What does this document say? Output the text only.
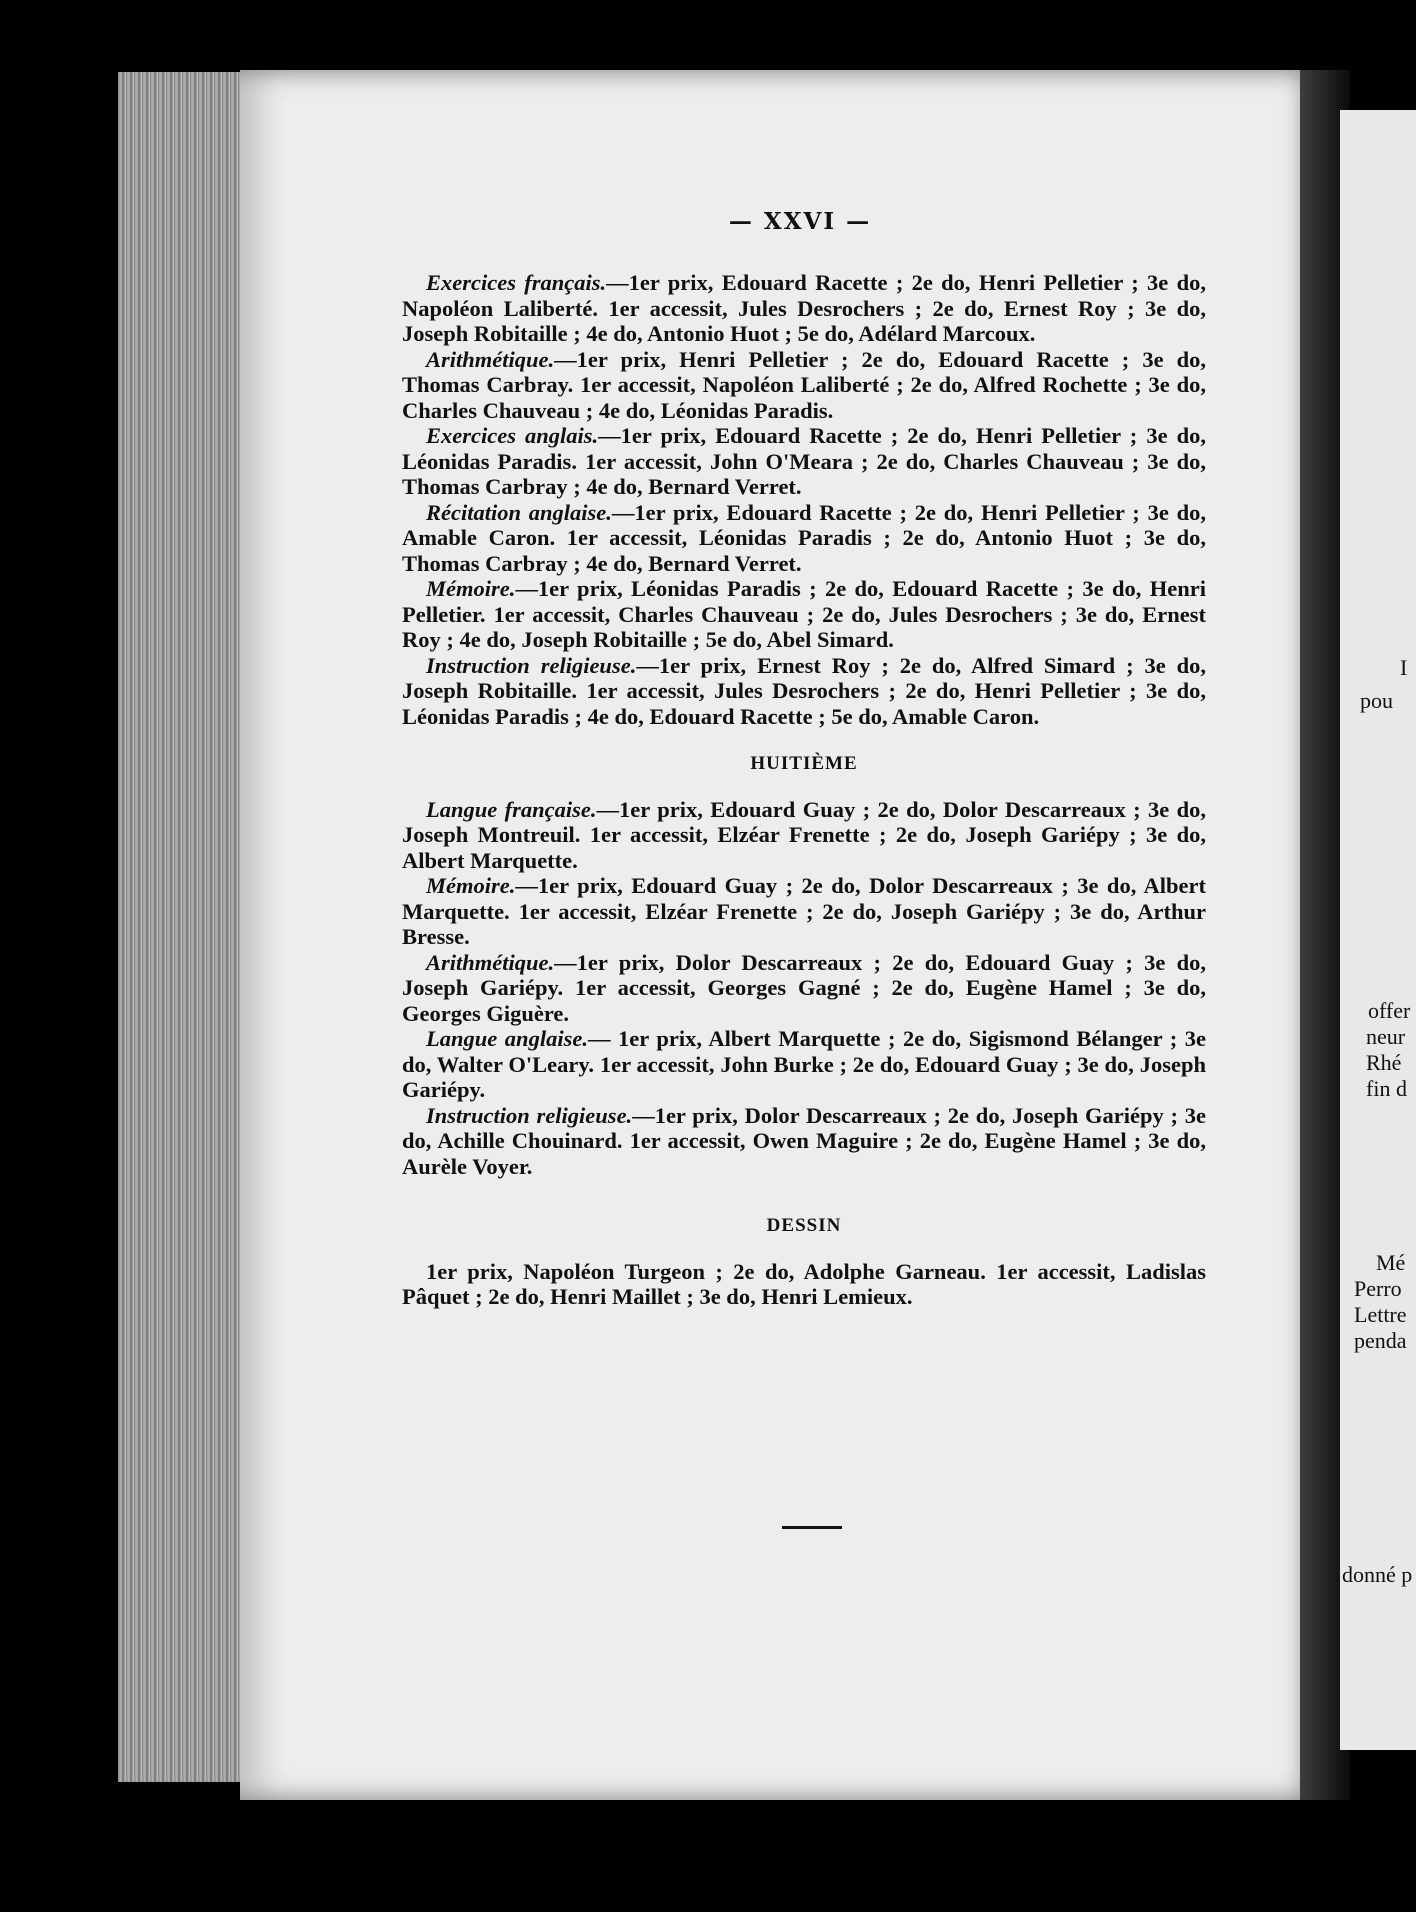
I
pou
offer
neur
Rhé
fin d
Mé
Perro
Lettre
penda
donné p
— XXVI —

Exercices français.—1er prix, Edouard Racette ; 2e do, Henri Pelletier ; 3e do, Napoléon Laliberté. 1er accessit, Jules Desrochers ; 2e do, Ernest Roy ; 3e do, Joseph Robitaille ; 4e do, Antonio Huot ; 5e do, Adélard Marcoux.

Arithmétique.—1er prix, Henri Pelletier ; 2e do, Edouard Racette ; 3e do, Thomas Carbray. 1er accessit, Napoléon Laliberté ; 2e do, Alfred Rochette ; 3e do, Charles Chauveau ; 4e do, Léonidas Paradis.

Exercices anglais.—1er prix, Edouard Racette ; 2e do, Henri Pelletier ; 3e do, Léonidas Paradis. 1er accessit, John O'Meara ; 2e do, Charles Chauveau ; 3e do, Thomas Carbray ; 4e do, Bernard Verret.

Récitation anglaise.—1er prix, Edouard Racette ; 2e do, Henri Pelletier ; 3e do, Amable Caron. 1er accessit, Léonidas Paradis ; 2e do, Antonio Huot ; 3e do, Thomas Carbray ; 4e do, Bernard Verret.

Mémoire.—1er prix, Léonidas Paradis ; 2e do, Edouard Racette ; 3e do, Henri Pelletier. 1er accessit, Charles Chauveau ; 2e do, Jules Desrochers ; 3e do, Ernest Roy ; 4e do, Joseph Robitaille ; 5e do, Abel Simard.

Instruction religieuse.—1er prix, Ernest Roy ; 2e do, Alfred Simard ; 3e do, Joseph Robitaille. 1er accessit, Jules Desrochers ; 2e do, Henri Pelletier ; 3e do, Léonidas Paradis ; 4e do, Edouard Racette ; 5e do, Amable Caron.

HUITIÈME

Langue française.—1er prix, Edouard Guay ; 2e do, Dolor Descarreaux ; 3e do, Joseph Montreuil. 1er accessit, Elzéar Frenette ; 2e do, Joseph Gariépy ; 3e do, Albert Marquette.

Mémoire.—1er prix, Edouard Guay ; 2e do, Dolor Descarreaux ; 3e do, Albert Marquette. 1er accessit, Elzéar Frenette ; 2e do, Joseph Gariépy ; 3e do, Arthur Bresse.

Arithmétique.—1er prix, Dolor Descarreaux ; 2e do, Edouard Guay ; 3e do, Joseph Gariépy. 1er accessit, Georges Gagné ; 2e do, Eugène Hamel ; 3e do, Georges Giguère.

Langue anglaise.— 1er prix, Albert Marquette ; 2e do, Sigismond Bélanger ; 3e do, Walter O'Leary. 1er accessit, John Burke ; 2e do, Edouard Guay ; 3e do, Joseph Gariépy.

Instruction religieuse.—1er prix, Dolor Descarreaux ; 2e do, Joseph Gariépy ; 3e do, Achille Chouinard. 1er accessit, Owen Maguire ; 2e do, Eugène Hamel ; 3e do, Aurèle Voyer.

DESSIN

1er prix, Napoléon Turgeon ; 2e do, Adolphe Garneau. 1er accessit, Ladislas Pâquet ; 2e do, Henri Maillet ; 3e do, Henri Lemieux.
